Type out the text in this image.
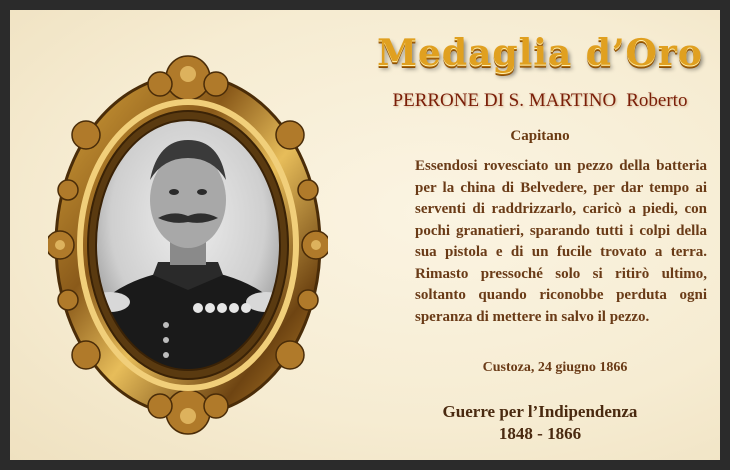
Medaglia d’Oro
PERRONE DI S. MARTINO Roberto
Capitano
Essendosi rovesciato un pezzo della batteria per la china di Belvedere, per dar tempo ai serventi di raddrizzarlo, caricò a piedi, con pochi granatieri, sparando tutti i colpi della sua pistola e di un fucile trovato a terra. Rimasto pressoché solo si ritirò ultimo, soltanto quando riconobbe perduta ogni speranza di mettere in salvo il pezzo.
Custoza, 24 giugno 1866
Guerre per l’Indipendenza
1848 - 1866
